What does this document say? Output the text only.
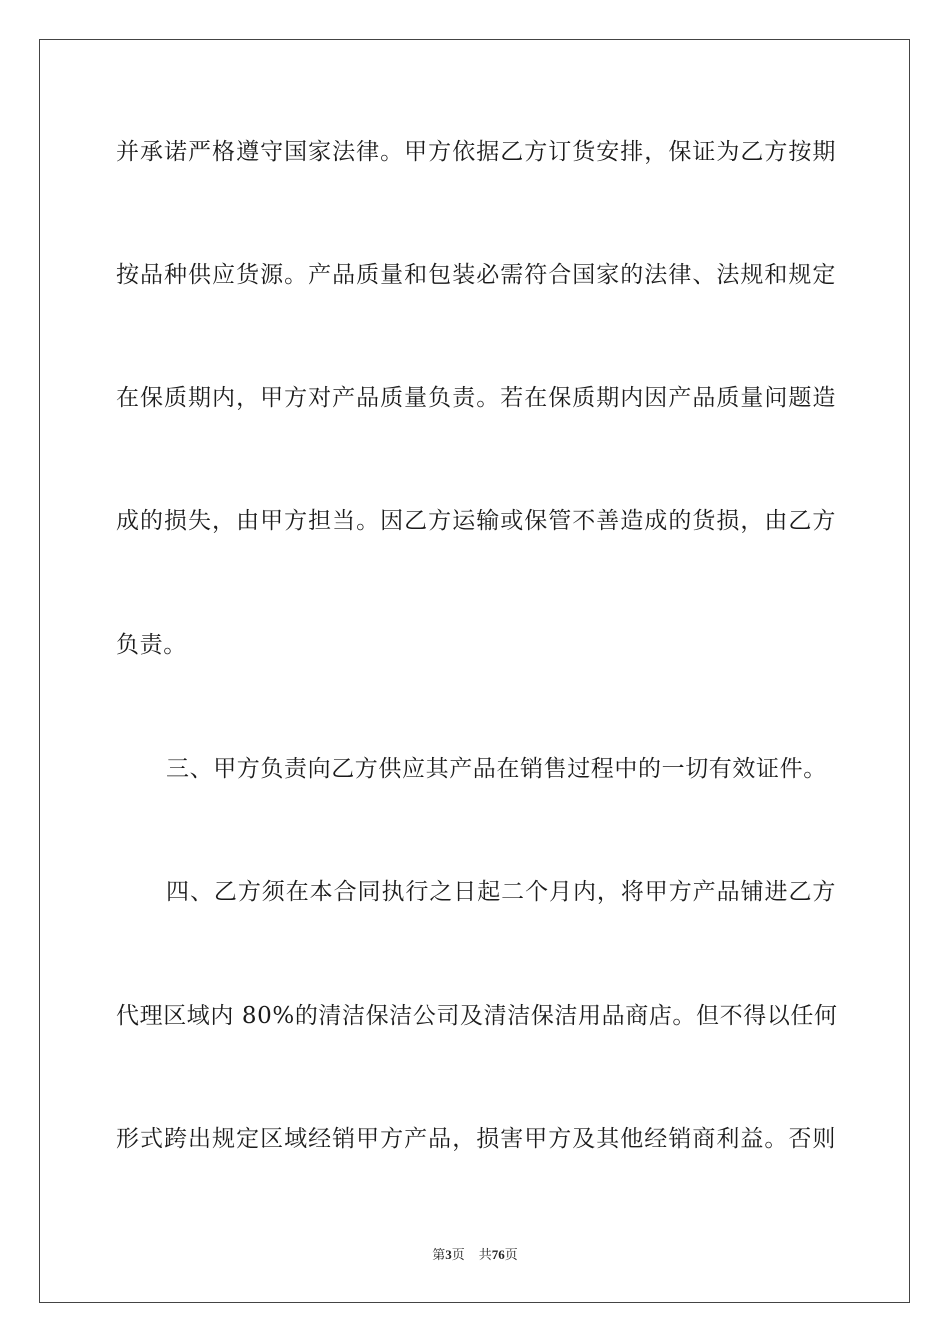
并承诺严格遵守国家法律。甲方依据乙方订货安排，保证为乙方按期
按品种供应货源。产品质量和包装必需符合国家的法律、法规和规定
在保质期内，甲方对产品质量负责。若在保质期内因产品质量问题造
成的损失，由甲方担当。因乙方运输或保管不善造成的货损，由乙方
负责。
三、甲方负责向乙方供应其产品在销售过程中的一切有效证件。
四、乙方须在本合同执行之日起二个月内，将甲方产品铺进乙方
代理区域内 80%的清洁保洁公司及清洁保洁用品商店。但不得以任何
形式跨出规定区域经销甲方产品，损害甲方及其他经销商利益。否则
第3页 共76页
